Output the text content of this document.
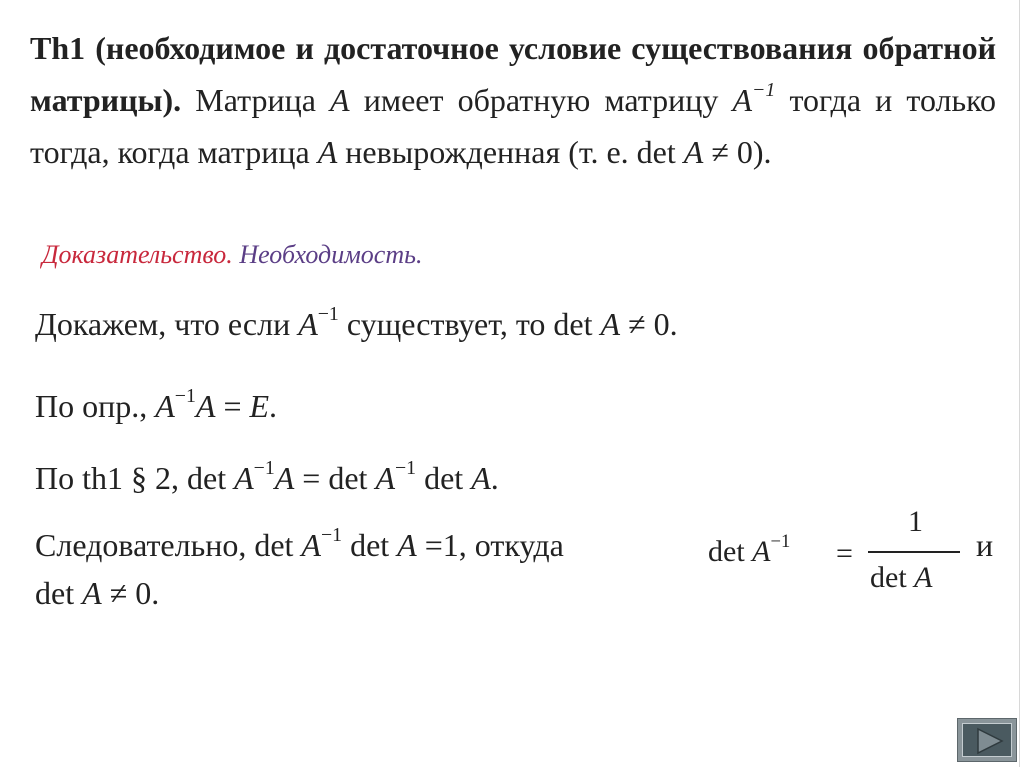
Th1 (необходимое и достаточное условие существования обратной матрицы). Матрица A имеет обратную матрицу $A^{-1}$ тогда и только тогда, когда матрица A невырожденная (т. е. det A ≠ 0).
Доказательство. Необходимость.
Докажем, что если $A^{-1}$ существует, то det A ≠ 0.
По опр., $A^{-1}A = E$.
По th1 § 2, $\det A^{-1}A = \det A^{-1}$ det A.
Следовательно, $\det A^{-1}$ det A =1, откуда	$\det A^{-1}$ =
1
det A
и
det A ≠ 0.
